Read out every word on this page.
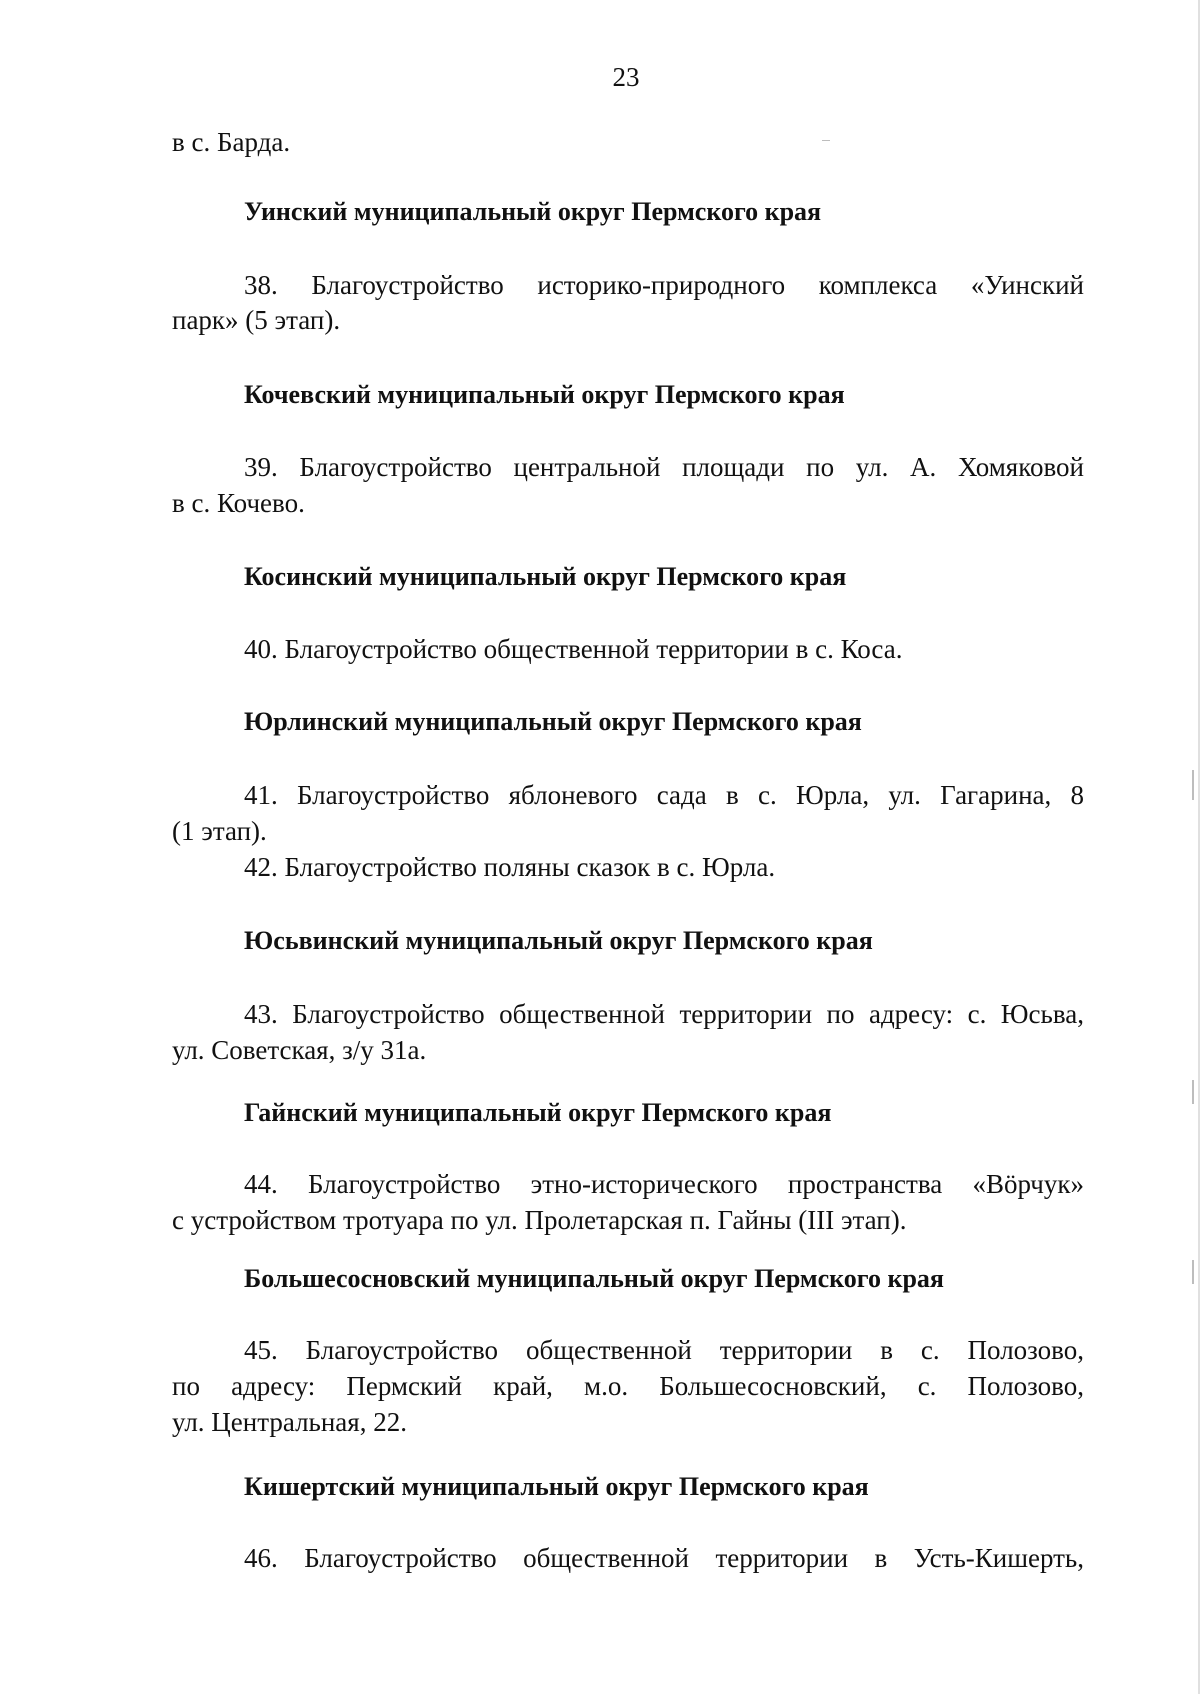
23
в с. Барда.
Уинский муниципальный округ Пермского края
38. Благоустройство историко-природного комплекса «Уинский
парк» (5 этап).
Кочевский муниципальный округ Пермского края
39. Благоустройство центральной площади по ул. А. Хомяковой
в с. Кочево.
Косинский муниципальный округ Пермского края
40. Благоустройство общественной территории в с. Коса.
Юрлинский муниципальный округ Пермского края
41. Благоустройство яблоневого сада в с. Юрла, ул. Гагарина, 8
(1 этап).
42. Благоустройство поляны сказок в с. Юрла.
Юсьвинский муниципальный округ Пермского края
43. Благоустройство общественной территории по адресу: с. Юсьва,
ул. Советская, з/у 31а.
Гайнский муниципальный округ Пермского края
44. Благоустройство этно-исторического пространства «Вӧрчук»
с устройством тротуара по ул. Пролетарская п. Гайны (III этап).
Большесосновский муниципальный округ Пермского края
45. Благоустройство общественной территории в с. Полозово,
по адресу: Пермский край, м.о. Большесосновский, с. Полозово,
ул. Центральная, 22.
Кишертский муниципальный округ Пермского края
46. Благоустройство общественной территории в Усть-Кишерть,
